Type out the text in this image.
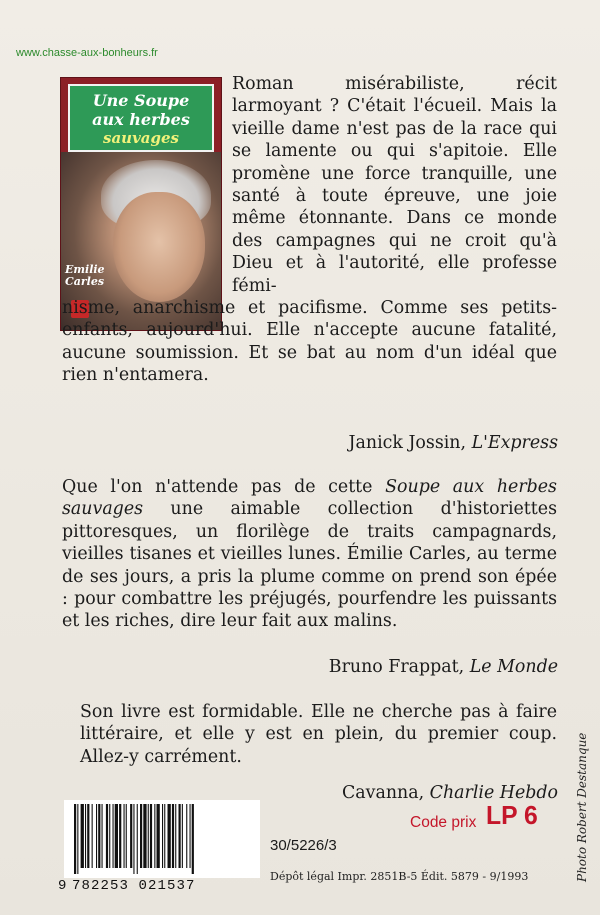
www.chasse-aux-bonheurs.fr
Une Soupe
aux herbes
sauvages
Emilie
Carles
Roman misérabiliste, récit larmoyant ? C'était l'écueil. Mais la vieille dame n'est pas de la race qui se lamente ou qui s'apitoie. Elle promène une force tranquille, une santé à toute épreuve, une joie même étonnante. Dans ce monde des campagnes qui ne croit qu'à Dieu et à l'autorité, elle professe fémi-
nisme, anarchisme et pacifisme. Comme ses petits-enfants, aujourd'hui. Elle n'accepte aucune fatalité, aucune soumission. Et se bat au nom d'un idéal que rien n'entamera.
Janick Jossin, L'Express
Que l'on n'attende pas de cette Soupe aux herbes sauvages une aimable collection d'historiettes pittoresques, un florilège de traits campagnards, vieilles tisanes et vieilles lunes. Émilie Carles, au terme de ses jours, a pris la plume comme on prend son épée : pour combattre les préjugés, pourfendre les puissants et les riches, dire leur fait aux malins.
Bruno Frappat, Le Monde
Son livre est formidable. Elle ne cherche pas à faire littéraire, et elle y est en plein, du premier coup. Allez-y carrément.
Cavanna, Charlie Hebdo
Code prix LP 6
9 782253 021537
30/5226/3
Dépôt légal Impr. 2851B-5 Édit. 5879 - 9/1993	Photo Robert Destanque
